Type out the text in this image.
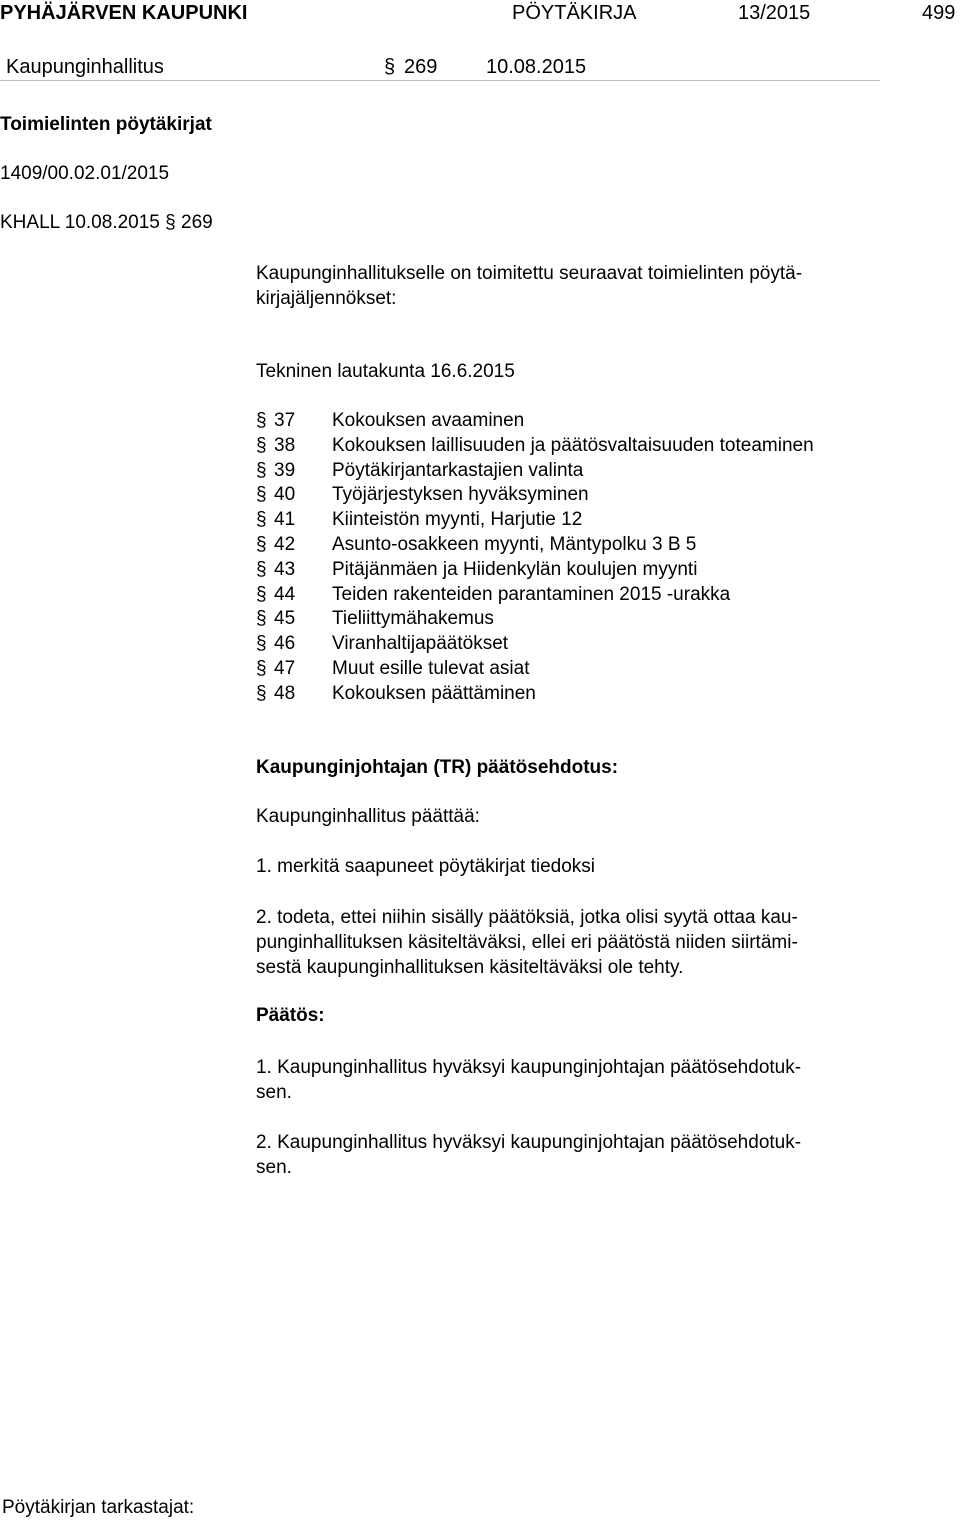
PYHÄJÄRVEN KAUPUNKI	PÖYTÄKIRJA	13/2015	499
Kaupunginhallitus	§ 269 10.08.2015
Toimielinten pöytäkirjat
1409/00.02.01/2015
KHALL 10.08.2015 § 269
Kaupunginhallitukselle on toimitettu seuraavat toimielinten pöytä-
kirjajäljennökset:
Tekninen lautakunta 16.6.2015
§ 37 Kokouksen avaaminen
§ 38 Kokouksen laillisuuden ja päätösvaltaisuuden toteaminen
§ 39 Pöytäkirjantarkastajien valinta
§ 40 Työjärjestyksen hyväksyminen
§ 41 Kiinteistön myynti, Harjutie 12
§ 42 Asunto-osakkeen myynti, Mäntypolku 3 B 5
§ 43 Pitäjänmäen ja Hiidenkylän koulujen myynti
§ 44 Teiden rakenteiden parantaminen 2015 -urakka
§ 45 Tieliittymähakemus
§ 46 Viranhaltijapäätökset
§ 47 Muut esille tulevat asiat
§ 48 Kokouksen päättäminen
Kaupunginjohtajan (TR) päätösehdotus:
Kaupunginhallitus päättää:
1. merkitä saapuneet pöytäkirjat tiedoksi
2. todeta, ettei niihin sisälly päätöksiä, jotka olisi syytä ottaa kau-
punginhallituksen käsiteltäväksi, ellei eri päätöstä niiden siirtämi-
sestä kaupunginhallituksen käsiteltäväksi ole tehty.
Päätös:
1. Kaupunginhallitus hyväksyi kaupunginjohtajan päätösehdotuk-
sen.
2. Kaupunginhallitus hyväksyi kaupunginjohtajan päätösehdotuk-
sen.
Pöytäkirjan tarkastajat:
